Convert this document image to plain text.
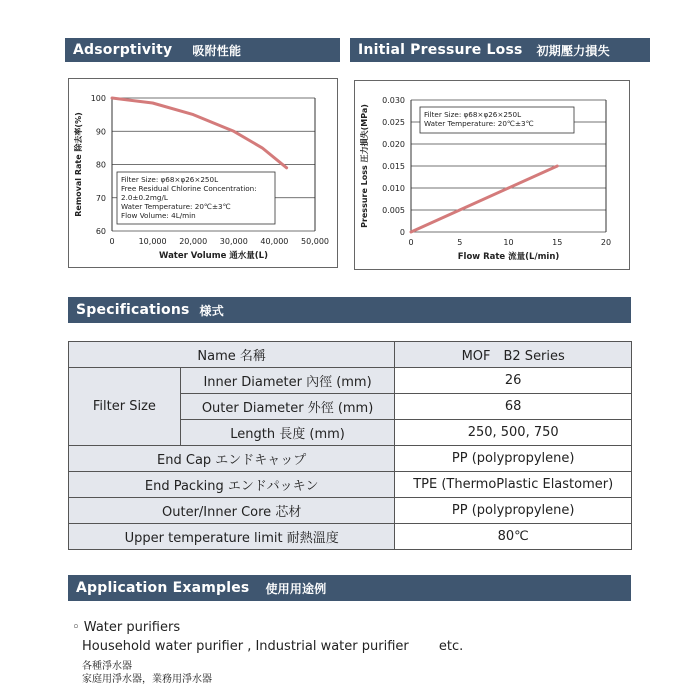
Adsorptivity 吸附性能	Initial Pressure Loss 初期壓力損失
60
70
80
90
100
0	10,000 20,000 30,000 40,000 50,000
Water Volume 通水量(L)
Removal Rate 除去率(%)	Filter Size: φ68×φ26×250L
Free Residual Chlorine Concentration:
2.0±0.2mg/L
Water Temperature: 20℃±3℃
Flow Volume: 4L/min
0
0.005
0.010
0.015
0.020
0.025
0.030
0	5	10	15	20
Flow Rate 流量(L/min)
Pressure Loss 圧力損失(MPa)	Filter Size: φ68×φ26×250L
Water Temperature: 20℃±3℃
Specifications 様式
Name 名稱		MOF　B2 Series
Filter Size	Inner Diameter 內徑 (mm)	26
	Outer Diameter 外徑 (mm)	68
	Length 長度 (mm)	250, 500, 750
End Cap エンドキャップ		PP (polypropylene)
End Packing エンドパッキン		TPE (ThermoPlastic Elastomer)
Outer/Inner Core 芯材		PP (polypropylene)
Upper temperature limit 耐熱溫度		80℃
Application Examples 使用用途例
◦ Water purifiers
Household water purifier , Industrial water purifier etc.
各種淨水器
家庭用淨水器，業務用淨水器
